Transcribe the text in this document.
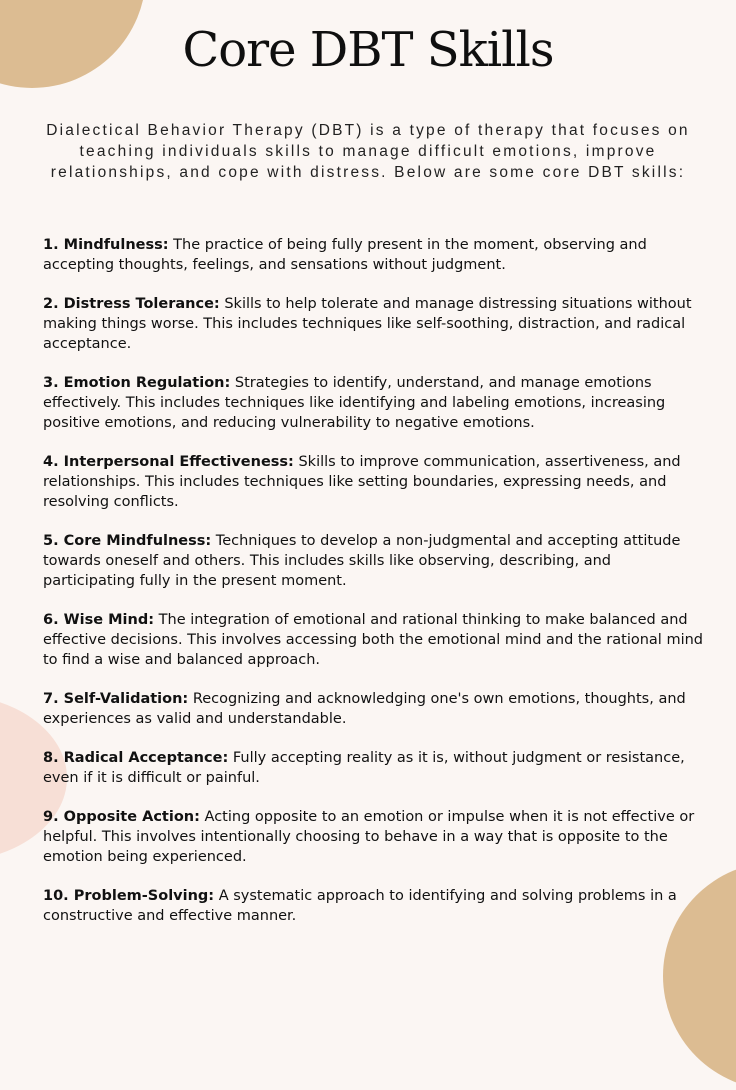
Core DBT Skills

Dialectical Behavior Therapy (DBT) is a type of therapy that focuses on teaching individuals skills to manage difficult emotions, improve relationships, and cope with distress. Below are some core DBT skills:

1. Mindfulness: The practice of being fully present in the moment, observing and accepting thoughts, feelings, and sensations without judgment.
2. Distress Tolerance: Skills to help tolerate and manage distressing situations without making things worse. This includes techniques like self-soothing, distraction, and radical acceptance.
3. Emotion Regulation: Strategies to identify, understand, and manage emotions effectively. This includes techniques like identifying and labeling emotions, increasing positive emotions, and reducing vulnerability to negative emotions.
4. Interpersonal Effectiveness: Skills to improve communication, assertiveness, and relationships. This includes techniques like setting boundaries, expressing needs, and resolving conflicts.
5. Core Mindfulness: Techniques to develop a non-judgmental and accepting attitude towards oneself and others. This includes skills like observing, describing, and participating fully in the present moment.
6. Wise Mind: The integration of emotional and rational thinking to make balanced and effective decisions. This involves accessing both the emotional mind and the rational mind to find a wise and balanced approach.
7. Self-Validation: Recognizing and acknowledging one's own emotions, thoughts, and experiences as valid and understandable.
8. Radical Acceptance: Fully accepting reality as it is, without judgment or resistance, even if it is difficult or painful.
9. Opposite Action: Acting opposite to an emotion or impulse when it is not effective or helpful. This involves intentionally choosing to behave in a way that is opposite to the emotion being experienced.
10. Problem-Solving: A systematic approach to identifying and solving problems in a constructive and effective manner.
